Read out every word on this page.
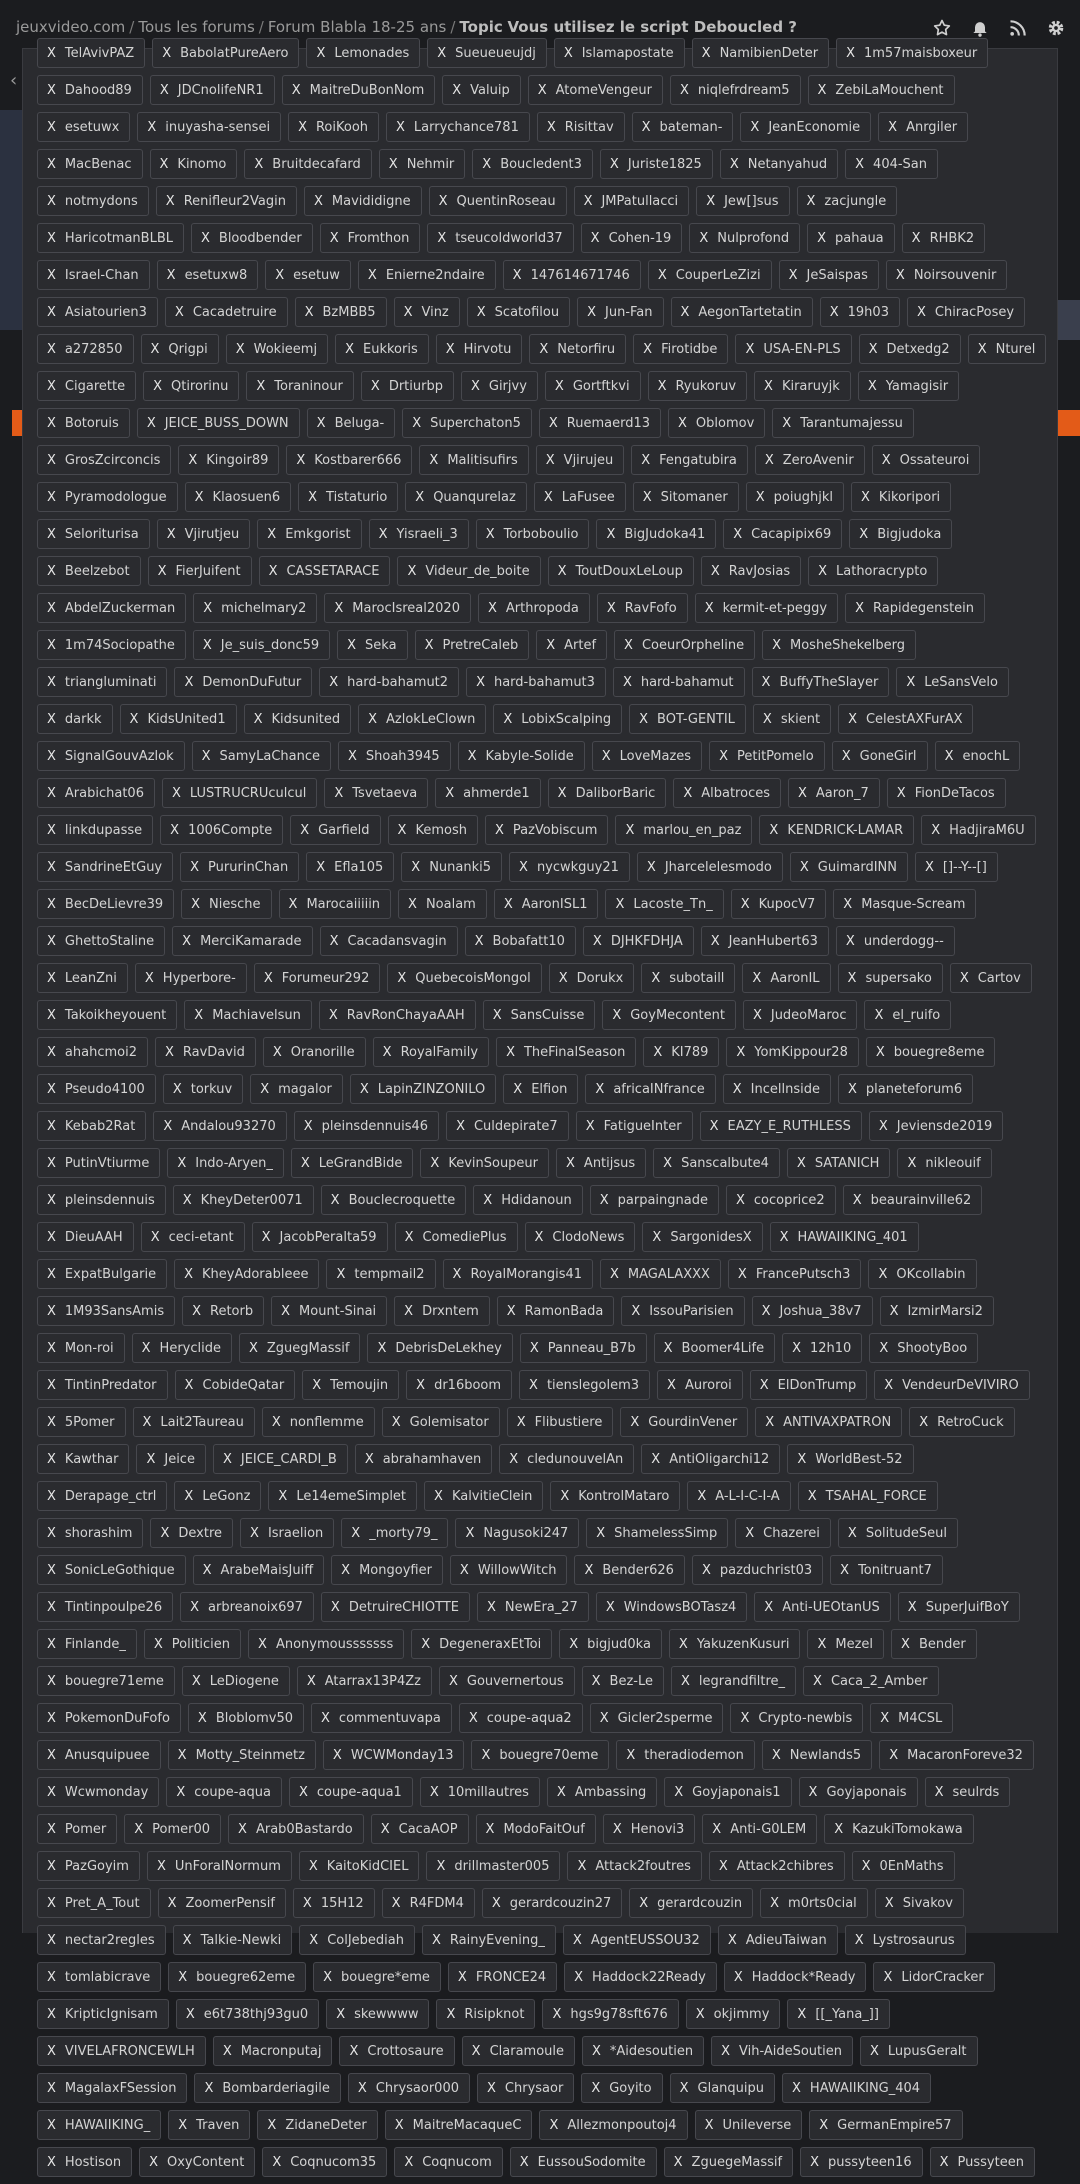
jeuxvideo.com / Tous les forums / Forum Blabla 18-25 ans / Topic Vous utilisez le script Deboucled ?
‹
X TelAvivPAZ X BabolatPureAero X Lemonades X Sueueueujdj X Islamapostate X NamibienDeter X 1m57maisboxeur
X Dahood89 X JDCnolifeNR1 X MaitreDuBonNom X Valuip X AtomeVengeur X niqlefrdream5 X ZebiLaMouchent
X esetuwx X inuyasha-sensei X RoiKooh X Larrychance781 X Risittav X bateman- X JeanEconomie X Anrgiler
X MacBenac X Kinomo X Bruitdecafard X Nehmir X Boucledent3 X Juriste1825 X Netanyahud X 404-San
X notmydons X Renifleur2Vagin X Mavididigne X QuentinRoseau X JMPatullacci X Jew[]sus X zacjungle
X HaricotmanBLBL X Bloodbender X Fromthon X tseucoldworld37 X Cohen-19 X Nulprofond X pahaua X RHBK2
X Israel-Chan X esetuxw8 X esetuw X Enierne2ndaire X 147614671746 X CouperLeZizi X JeSaispas X Noirsouvenir
X Asiatourien3 X Cacadetruire X BzMBB5 X Vinz X Scatofilou X Jun-Fan X AegonTartetatin X 19h03 X ChiracPosey
X a272850 X Qrigpi X Wokieemj X Eukkoris X Hirvotu X Netorfiru X Firotidbe X USA-EN-PLS X Detxedg2 X Nturel
X Cigarette X Qtirorinu X Toraninour X Drtiurbp X Girjvy X Gortftkvi X Ryukoruv X Kiraruyjk X Yamagisir
X Botoruis X JEICE_BUSS_DOWN X Beluga- X Superchaton5 X Ruemaerd13 X Oblomov X Tarantumajessu
X GrosZcirconcis X Kingoir89 X Kostbarer666 X Malitisufirs X Vjirujeu X Fengatubira X ZeroAvenir X Ossateuroi
X Pyramodologue X Klaosuen6 X Tistaturio X Quanqurelaz X LaFusee X Sitomaner X poiughjkl X Kikoripori
X Seloriturisa X Vjirutjeu X Emkgorist X Yisraeli_3 X Torboboulio X BigJudoka41 X Cacapipix69 X Bigjudoka
X Beelzebot X FierJuifent X CASSETARACE X Videur_de_boite X ToutDouxLeLoup X RavJosias X Lathoracrypto
X AbdelZuckerman X michelmary2 X MarocIsreal2020 X Arthropoda X RavFofo X kermit-et-peggy X Rapidegenstein
X 1m74Sociopathe X Je_suis_donc59 X Seka X PretreCaleb X Artef X CoeurOrpheline X MosheShekelberg
X triangluminati X DemonDuFutur X hard-bahamut2 X hard-bahamut3 X hard-bahamut X BuffyTheSlayer X LeSansVelo
X darkk X KidsUnited1 X Kidsunited X AzlokLeClown X LobixScalping X BOT-GENTIL X skient X CelestAXFurAX
X SignalGouvAzlok X SamyLaChance X Shoah3945 X Kabyle-Solide X LoveMazes X PetitPomelo X GoneGirl X enochL
X Arabichat06 X LUSTRUCRUculcul X Tsvetaeva X ahmerde1 X DaliborBaric X Albatroces X Aaron_7 X FionDeTacos
X linkdupasse X 1006Compte X Garfield X Kemosh X PazVobiscum X marlou_en_paz X KENDRICK-LAMAR X HadjiraM6U
X SandrineEtGuy X PururinChan X Efla105 X Nunanki5 X nycwkguy21 X Jharcelelesmodo X GuimardINN X []--Y--[]
X BecDeLievre39 X Niesche X Marocaiiiiin X Noalam X AaronISL1 X Lacoste_Tn_ X KupocV7 X Masque-Scream
X GhettoStaline X MerciKamarade X Cacadansvagin X Bobafatt10 X DJHKFDHJA X JeanHubert63 X underdogg--
X LeanZni X Hyperbore- X Forumeur292 X QuebecoisMongol X Dorukx X subotaill X AaronIL X supersako X Cartov
X Takoikheyouent X Machiavelsun X RavRonChayaAAH X SansCuisse X GoyMecontent X JudeoMaroc X el_ruifo
X ahahcmoi2 X RavDavid X Oranorille X RoyalFamily X TheFinalSeason X KI789 X YomKippour28 X bouegre8eme
X Pseudo4100 X torkuv X magalor X LapinZINZONILO X Elfion X africaINfrance X Incellnside X planeteforum6
X Kebab2Rat X Andalou93270 X pleinsdennuis46 X Culdepirate7 X FatigueInter X EAZY_E_RUTHLESS X Jeviensde2019
X PutinVtiurme X Indo-Aryen_ X LeGrandBide X KevinSoupeur X Antijsus X Sanscalbute4 X SATANICH X nikleouif
X pleinsdennuis X KheyDeter0071 X Bouclecroquette X Hdidanoun X parpaingnade X cocoprice2 X beaurainville62
X DieuAAH X ceci-etant X JacobPeralta59 X ComediePlus X ClodoNews X SargonidesX X HAWAIIKING_401
X ExpatBulgarie X KheyAdorableee X tempmail2 X RoyalMorangis41 X MAGALAXXX X FrancePutsch3 X OKcollabin
X 1M93SansAmis X Retorb X Mount-Sinai X Drxntem X RamonBada X IssouParisien X Joshua_38v7 X IzmirMarsi2
X Mon-roi X Heryclide X ZguegMassif X DebrisDeLekhey X Panneau_B7b X Boomer4Life X 12h10 X ShootyBoo
X TintinPredator X CobideQatar X Temoujin X dr16boom X tienslegolem3 X Auroroi X ElDonTrump X VendeurDeVIVIRO
X 5Pomer X Lait2Taureau X nonflemme X Golemisator X Flibustiere X GourdinVener X ANTIVAXPATRON X RetroCuck
X Kawthar X Jeice X JEICE_CARDI_B X abrahamhaven X cledunouvelAn X AntiOligarchi12 X WorldBest-52
X Derapage_ctrl X LeGonz X Le14emeSimplet X KalvitieClein X KontrolMataro X A-L-I-C-I-A X TSAHAL_FORCE
X shorashim X Dextre X Israelion X _morty79_ X Nagusoki247 X ShamelessSimp X Chazerei X SolitudeSeul
X SonicLeGothique X ArabeMaisJuiff X Mongoyfier X WillowWitch X Bender626 X pazduchrist03 X Tonitruant7
X Tintinpoulpe26 X arbreanoix697 X DetruireCHIOTTE X NewEra_27 X WindowsBOTasz4 X Anti-UEOtanUS X SuperJuifBoY
X Finlande_ X Politicien X Anonymousssssss X DegeneraxEtToi X bigjud0ka X YakuzenKusuri X Mezel X Bender
X bouegre71eme X LeDiogene X Atarrax13P4Zz X Gouvernertous X Bez-Le X legrandfiltre_ X Caca_2_Amber
X PokemonDuFofo X Bloblomv50 X commentuvapa X coupe-aqua2 X Gicler2sperme X Crypto-newbis X M4CSL
X Anusquipuee X Motty_Steinmetz X WCWMonday13 X bouegre70eme X theradiodemon X Newlands5 X MacaronForeve32
X Wcwmonday X coupe-aqua X coupe-aqua1 X 10millautres X Ambassing X Goyjaponais1 X Goyjaponais X seulrds
X Pomer X Pomer00 X Arab0Bastardo X CacaAOP X ModoFaitOuf X Henovi3 X Anti-G0LEM X KazukiTomokawa
X PazGoyim X UnForalNormum X KaitoKidCIEL X drillmaster005 X Attack2foutres X Attack2chibres X 0EnMaths
X Pret_A_Tout X ZoomerPensif X 15H12 X R4FDM4 X gerardcouzin27 X gerardcouzin X m0rts0cial X Sivakov
X nectar2regles X Talkie-Newki X ColJebediah X RainyEvening_ X AgentEUSSOU32 X AdieuTaiwan X Lystrosaurus
X tomlabicrave X bouegre62eme X bouegre*eme X FRONCE24 X Haddock22Ready X Haddock*Ready X LidorCracker
X KripticIgnisam X e6t738thj93gu0 X skewwww X Risipknot X hgs9g78sft676 X okjimmy X [[_Yana_]]
X VIVELAFRONCEWLH X Macronputaj X Crottosaure X Claramoule X *Aidesoutien X Vih-AideSoutien X LupusGeralt
X MagalaxFSession X Bombarderiagile X Chrysaor000 X Chrysaor X Goyito X Glanquipu X HAWAIIKING_404
X HAWAIIKING_ X Traven X ZidaneDeter X MaitreMacaqueC X Allezmonpoutoj4 X Unileverse X GermanEmpire57
X Hostison X OxyContent X Coqnucom35 X Coqnucom X EussouSodomite X ZguegeMassif X pussyteen16 X Pussyteen
